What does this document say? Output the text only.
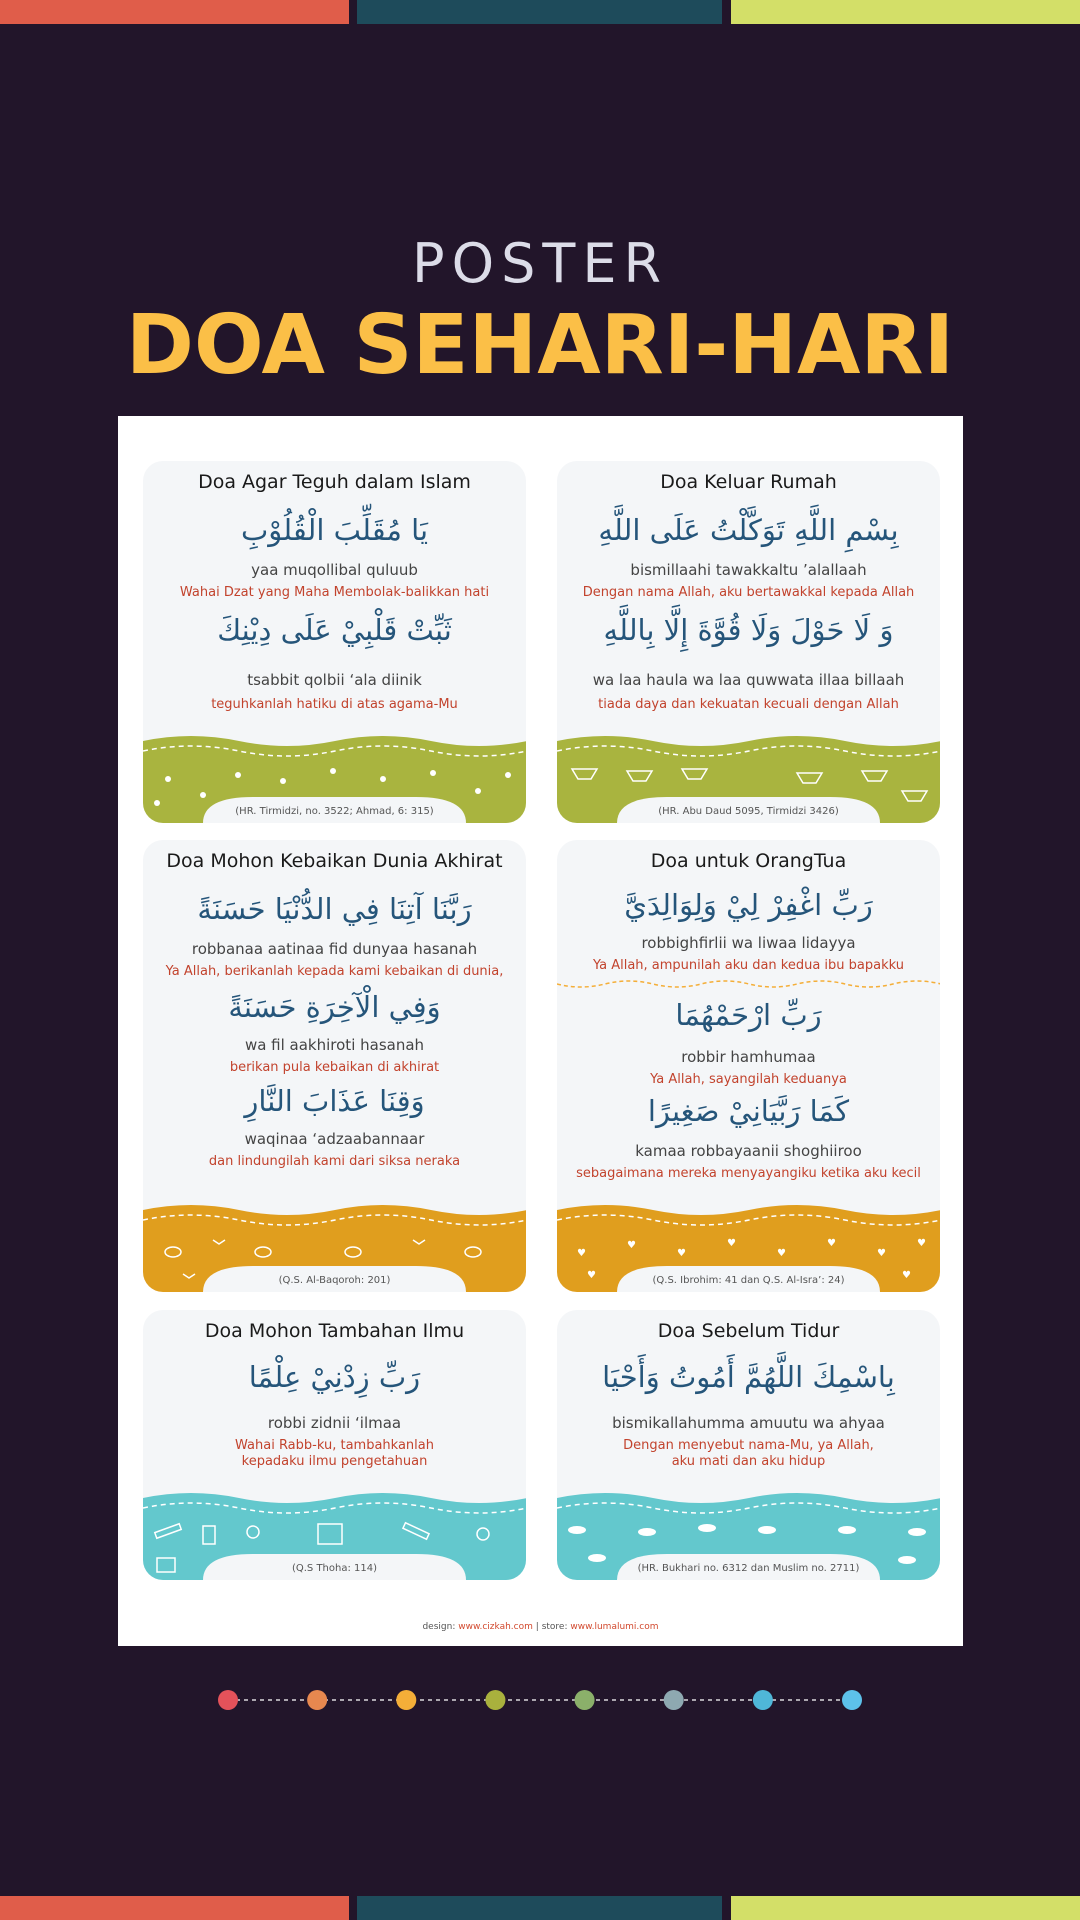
POSTER
DOA SEHARI-HARI
Doa Agar Teguh dalam Islam
يَا مُقَلِّبَ الْقُلُوْبِ
yaa muqollibal quluub
Wahai Dzat yang Maha Membolak-balikkan hati
ثَبِّتْ قَلْبِيْ عَلَى دِيْنِكَ
tsabbit qolbii ‘ala diinik
teguhkanlah hatiku di atas agama-Mu
(HR. Tirmidzi, no. 3522; Ahmad, 6: 315)
Doa Keluar Rumah
بِسْمِ اللَّهِ تَوَكَّلْتُ عَلَى اللَّهِ
bismillaahi tawakkaltu ’alallaah
Dengan nama Allah, aku bertawakkal kepada Allah
وَ لَا حَوْلَ وَلَا قُوَّةَ إِلَّا بِاللَّهِ
wa laa haula wa laa quwwata illaa billaah
tiada daya dan kekuatan kecuali dengan Allah
(HR. Abu Daud 5095, Tirmidzi 3426)
Doa Mohon Kebaikan Dunia Akhirat
رَبَّنَا آتِنَا فِي الدُّنْيَا حَسَنَةً
robbanaa aatinaa fid dunyaa hasanah
Ya Allah, berikanlah kepada kami kebaikan di dunia,
وَفِي الْآخِرَةِ حَسَنَةً
wa fil aakhiroti hasanah
berikan pula kebaikan di akhirat
وَقِنَا عَذَابَ النَّارِ
waqinaa ‘adzaabannaar
dan lindungilah kami dari siksa neraka
(Q.S. Al-Baqoroh: 201)
Doa untuk OrangTua
رَبِّ اغْفِرْ لِيْ وَلِوَالِدَيَّ
robbighfirlii wa liwaa lidayya
Ya Allah, ampunilah aku dan kedua ibu bapakku
رَبِّ ارْحَمْهُمَا
robbir hamhumaa
Ya Allah, sayangilah keduanya
كَمَا رَبَّيَانِيْ صَغِيرًا
kamaa robbayaanii shoghiiroo
sebagaimana mereka menyayangiku ketika aku kecil
♥
♥
♥
♥
♥
♥
♥
♥
♥	♥
(Q.S. Ibrohim: 41 dan Q.S. Al-Isra’: 24)
Doa Mohon Tambahan Ilmu
رَبِّ زِدْنِيْ عِلْمًا
robbi zidnii ‘ilmaa
Wahai Rabb-ku, tambahkanlah kepadaku ilmu pengetahuan
(Q.S Thoha: 114)
Doa Sebelum Tidur
بِاسْمِكَ اللَّهُمَّ أَمُوتُ وَأَحْيَا
bismikallahumma amuutu wa ahyaa
Dengan menyebut nama-Mu, ya Allah, aku mati dan aku hidup
(HR. Bukhari no. 6312 dan Muslim no. 2711)
design: www.cizkah.com | store: www.lumalumi.com
